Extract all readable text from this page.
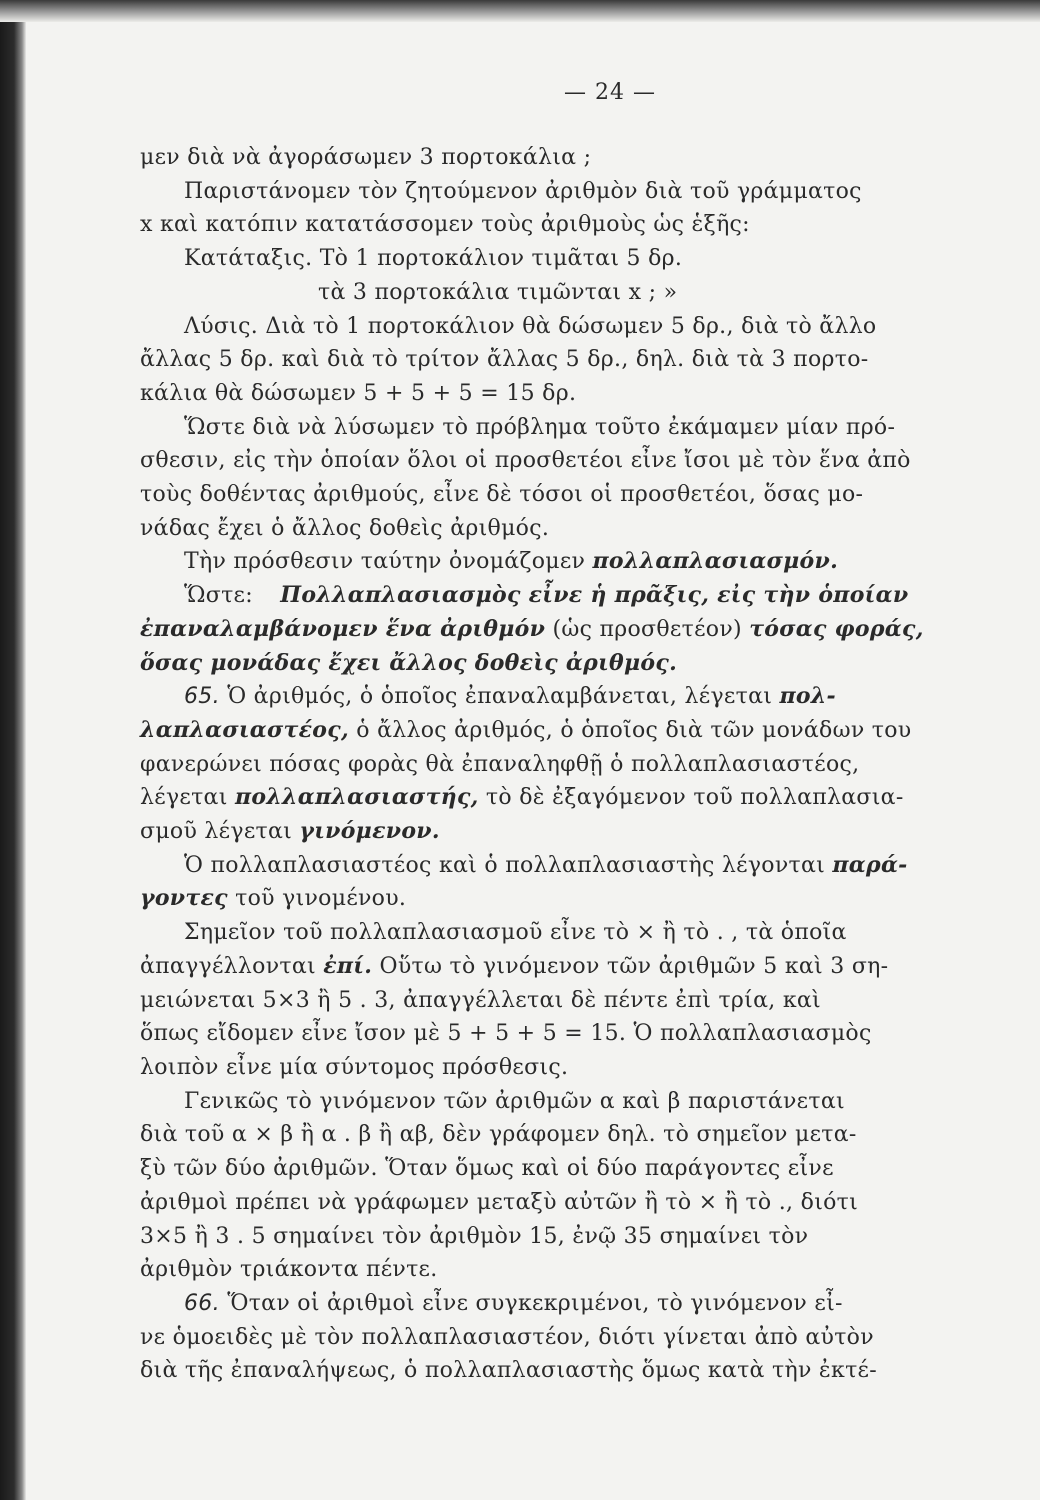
— 24 —
μεν διὰ νὰ ἀγοράσωμεν 3 πορτοκάλια ;
Παριστάνομεν τὸν ζητούμενον ἀριθμὸν διὰ τοῦ γράμματος
x καὶ κατόπιν κατατάσσομεν τοὺς ἀριθμοὺς ὡς ἑξῆς:
Κατάταξις. Τὸ 1 πορτοκάλιον τιμᾶται 5 δρ.
τὰ 3 πορτοκάλια τιμῶνται x ; »
Λύσις. Διὰ τὸ 1 πορτοκάλιον θὰ δώσωμεν 5 δρ., διὰ τὸ ἄλλο
ἄλλας 5 δρ. καὶ διὰ τὸ τρίτον ἄλλας 5 δρ., δηλ. διὰ τὰ 3 πορτο-
κάλια θὰ δώσωμεν 5 + 5 + 5 = 15 δρ.
Ὥστε διὰ νὰ λύσωμεν τὸ πρόβλημα τοῦτο ἐκάμαμεν μίαν πρό-
σθεσιν, εἰς τὴν ὁποίαν ὅλοι οἱ προσθετέοι εἶνε ἴσοι μὲ τὸν ἕνα ἀπὸ
τοὺς δοθέντας ἀριθμούς, εἶνε δὲ τόσοι οἱ προσθετέοι, ὅσας μο-
νάδας ἔχει ὁ ἄλλος δοθεὶς ἀριθμός.
Τὴν πρόσθεσιν ταύτην ὀνομάζομεν πολλαπλασιασμόν.
Ὥστε: Πολλαπλασιασμὸς εἶνε ἡ πρᾶξις, εἰς τὴν ὁποίαν
ἐπαναλαμβάνομεν ἕνα ἀριθμόν (ὡς προσθετέον) τόσας φοράς,
ὅσας μονάδας ἔχει ἄλλος δοθεὶς ἀριθμός.
65. Ὁ ἀριθμός, ὁ ὁποῖος ἐπαναλαμβάνεται, λέγεται πολ-
λαπλασιαστέος, ὁ ἄλλος ἀριθμός, ὁ ὁποῖος διὰ τῶν μονάδων του
φανερώνει πόσας φορὰς θὰ ἐπαναληφθῇ ὁ πολλαπλασιαστέος,
λέγεται πολλαπλασιαστής, τὸ δὲ ἐξαγόμενον τοῦ πολλαπλασια-
σμοῦ λέγεται γινόμενον.
Ὁ πολλαπλασιαστέος καὶ ὁ πολλαπλασιαστὴς λέγονται παρά-
γοντες τοῦ γινομένου.
Σημεῖον τοῦ πολλαπλασιασμοῦ εἶνε τὸ × ἢ τὸ . , τὰ ὁποῖα
ἀπαγγέλλονται ἐπί. Οὕτω τὸ γινόμενον τῶν ἀριθμῶν 5 καὶ 3 ση-
μειώνεται 5×3 ἢ 5 . 3, ἀπαγγέλλεται δὲ πέντε ἐπὶ τρία, καὶ
ὅπως εἴδομεν εἶνε ἴσον μὲ 5 + 5 + 5 = 15. Ὁ πολλαπλασιασμὸς
λοιπὸν εἶνε μία σύντομος πρόσθεσις.
Γενικῶς τὸ γινόμενον τῶν ἀριθμῶν α καὶ β παριστάνεται
διὰ τοῦ α × β ἢ α . β ἢ αβ, δὲν γράφομεν δηλ. τὸ σημεῖον μετα-
ξὺ τῶν δύο ἀριθμῶν. Ὅταν ὅμως καὶ οἱ δύο παράγοντες εἶνε
ἀριθμοὶ πρέπει νὰ γράφωμεν μεταξὺ αὐτῶν ἢ τὸ × ἢ τὸ ., διότι
3×5 ἢ 3 . 5 σημαίνει τὸν ἀριθμὸν 15, ἐνῷ 35 σημαίνει τὸν
ἀριθμὸν τριάκοντα πέντε.
66. Ὅταν οἱ ἀριθμοὶ εἶνε συγκεκριμένοι, τὸ γινόμενον εἶ-
νε ὁμοειδὲς μὲ τὸν πολλαπλασιαστέον, διότι γίνεται ἀπὸ αὐτὸν
διὰ τῆς ἐπαναλήψεως, ὁ πολλαπλασιαστὴς ὅμως κατὰ τὴν ἐκτέ-
